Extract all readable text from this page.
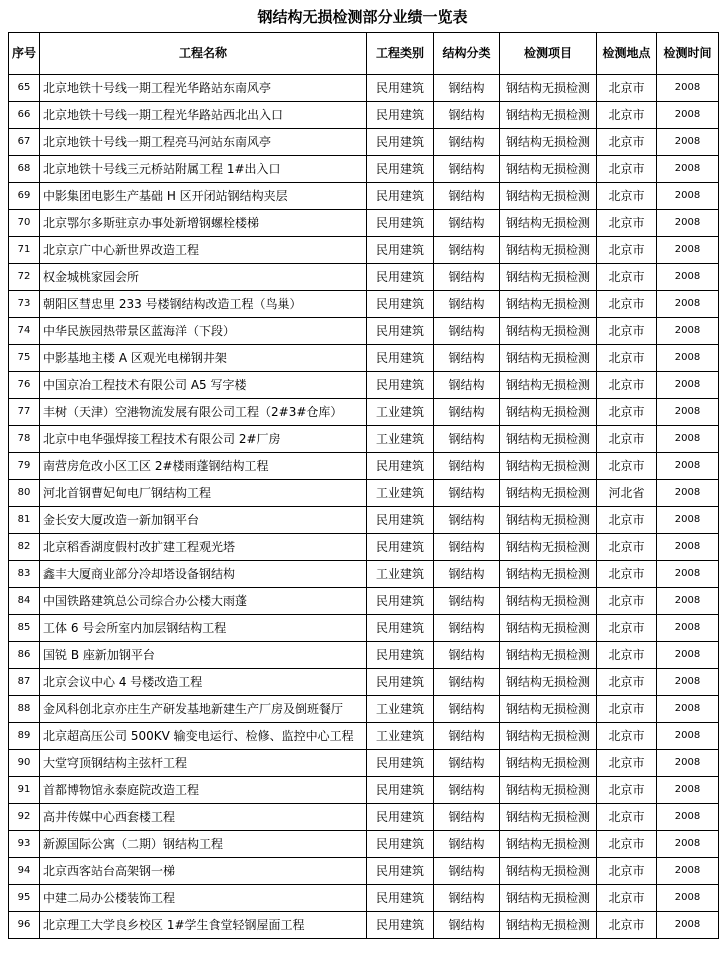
钢结构无损检测部分业绩一览表
序号	工程名称	工程类别	结构分类	检测项目	检测地点	检测时间
65	北京地铁十号线一期工程光华路站东南风亭	民用建筑	钢结构	钢结构无损检测	北京市	2008
66	北京地铁十号线一期工程光华路站西北出入口	民用建筑	钢结构	钢结构无损检测	北京市	2008
67	北京地铁十号线一期工程亮马河站东南风亭	民用建筑	钢结构	钢结构无损检测	北京市	2008
68	北京地铁十号线三元桥站附属工程 1#出入口	民用建筑	钢结构	钢结构无损检测	北京市	2008
69	中影集团电影生产基础 H 区开闭站钢结构夹层	民用建筑	钢结构	钢结构无损检测	北京市	2008
70	北京鄂尔多斯驻京办事处新增钢螺栓楼梯	民用建筑	钢结构	钢结构无损检测	北京市	2008
71	北京京广中心新世界改造工程	民用建筑	钢结构	钢结构无损检测	北京市	2008
72	权金城桃家园会所	民用建筑	钢结构	钢结构无损检测	北京市	2008
73	朝阳区彗忠里 233 号楼钢结构改造工程（鸟巢）	民用建筑	钢结构	钢结构无损检测	北京市	2008
74	中华民族园热带景区蓝海洋（下段）	民用建筑	钢结构	钢结构无损检测	北京市	2008
75	中影基地主楼 A 区观光电梯钢井架	民用建筑	钢结构	钢结构无损检测	北京市	2008
76	中国京冶工程技术有限公司 A5 写字楼	民用建筑	钢结构	钢结构无损检测	北京市	2008
77	丰树（天津）空港物流发展有限公司工程（2#3#仓库）	工业建筑	钢结构	钢结构无损检测	北京市	2008
78	北京中电华强焊接工程技术有限公司 2#厂房	工业建筑	钢结构	钢结构无损检测	北京市	2008
79	南营房危改小区工区 2#楼雨蓬钢结构工程	民用建筑	钢结构	钢结构无损检测	北京市	2008
80	河北首钢曹妃甸电厂钢结构工程	工业建筑	钢结构	钢结构无损检测	河北省	2008
81	金长安大厦改造一新加钢平台	民用建筑	钢结构	钢结构无损检测	北京市	2008
82	北京稻香湖度假村改扩建工程观光塔	民用建筑	钢结构	钢结构无损检测	北京市	2008
83	鑫丰大厦商业部分冷却塔设备钢结构	工业建筑	钢结构	钢结构无损检测	北京市	2008
84	中国铁路建筑总公司综合办公楼大雨蓬	民用建筑	钢结构	钢结构无损检测	北京市	2008
85	工体 6 号会所室内加层钢结构工程	民用建筑	钢结构	钢结构无损检测	北京市	2008
86	国锐 B 座新加钢平台	民用建筑	钢结构	钢结构无损检测	北京市	2008
87	北京会议中心 4 号楼改造工程	民用建筑	钢结构	钢结构无损检测	北京市	2008
88	金风科创北京亦庄生产研发基地新建生产厂房及倒班餐厅	工业建筑	钢结构	钢结构无损检测	北京市	2008
89	北京超高压公司 500KV 输变电运行、检修、监控中心工程	工业建筑	钢结构	钢结构无损检测	北京市	2008
90	大堂穹顶钢结构主弦杆工程	民用建筑	钢结构	钢结构无损检测	北京市	2008
91	首都博物馆永泰庭院改造工程	民用建筑	钢结构	钢结构无损检测	北京市	2008
92	高井传媒中心西套楼工程	民用建筑	钢结构	钢结构无损检测	北京市	2008
93	新源国际公寓（二期）钢结构工程	民用建筑	钢结构	钢结构无损检测	北京市	2008
94	北京西客站台高架钢一梯	民用建筑	钢结构	钢结构无损检测	北京市	2008
95	中建二局办公楼装饰工程	民用建筑	钢结构	钢结构无损检测	北京市	2008
96	北京理工大学良乡校区 1#学生食堂轻钢屋面工程	民用建筑	钢结构	钢结构无损检测	北京市	2008
